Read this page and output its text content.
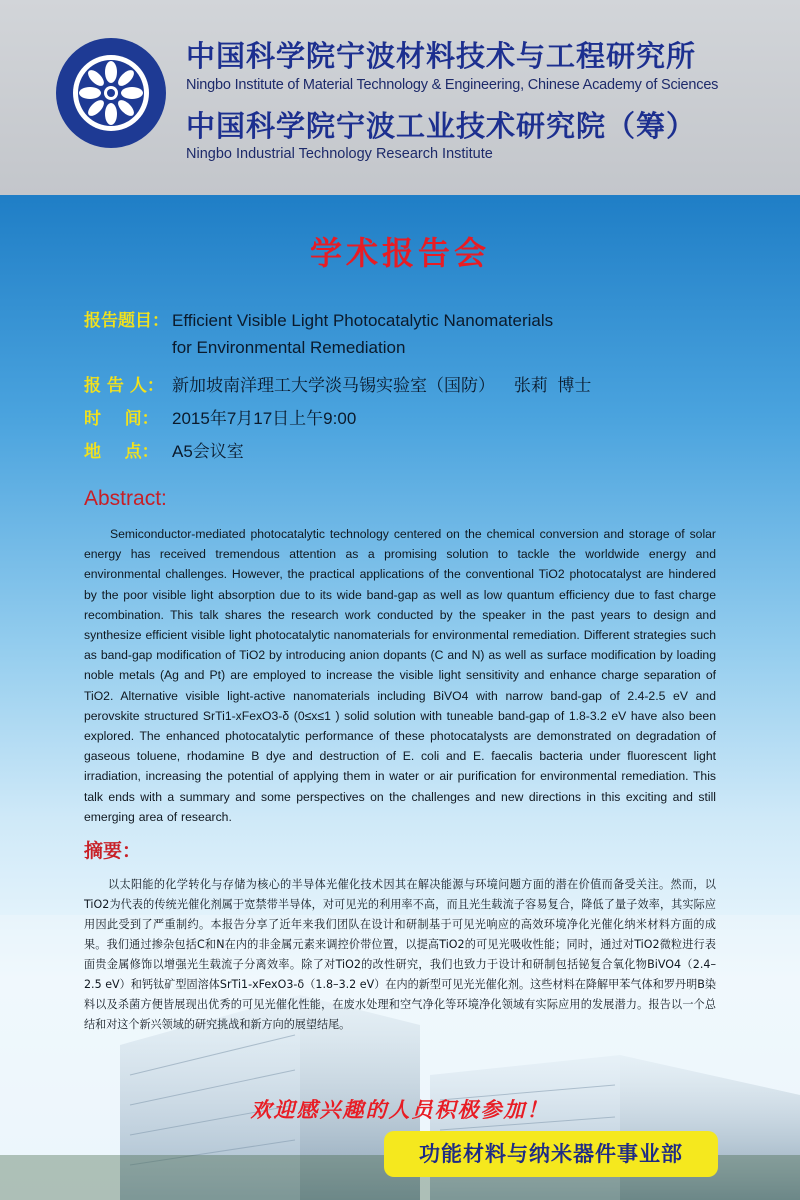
中国科学院宁波材料技术与工程研究所
Ningbo Institute of Material Technology & Engineering, Chinese Academy of Sciences
中国科学院宁波工业技术研究院（筹）
Ningbo Industrial Technology Research Institute
学术报告会
报告题目： Efficient Visible Light Photocatalytic Nanomaterials
for Environmental Remediation
报 告 人： 新加坡南洋理工大学淡马锡实验室（国防）    张莉  博士
时    间： 2015年7月17日上午9:00
地    点： A5会议室
Abstract:
Semiconductor-mediated photocatalytic technology centered on the chemical conversion and storage of solar energy has received tremendous attention as a promising solution to tackle the worldwide energy and environmental challenges. However, the practical applications of the conventional TiO2 photocatalyst are hindered by the poor visible light absorption due to its wide band-gap as well as low quantum efficiency due to fast charge recombination. This talk shares the research work conducted by the speaker in the past years to design and synthesize efficient visible light photocatalytic nanomaterials for environmental remediation. Different strategies such as band-gap modification of TiO2 by introducing anion dopants (C and N) as well as surface modification by loading noble metals (Ag and Pt) are employed to increase the visible light sensitivity and enhance charge separation of TiO2. Alternative visible light-active nanomaterials including BiVO4 with narrow band-gap of 2.4-2.5 eV and perovskite structured SrTi1-xFexO3-δ (0≤x≤1 ) solid solution with tuneable band-gap of 1.8-3.2 eV have also been explored. The enhanced photocatalytic performance of these photocatalysts are demonstrated on degradation of gaseous toluene, rhodamine B dye and destruction of E. coli and E. faecalis bacteria under fluorescent light irradiation, increasing the potential of applying them in water or air purification for environmental remediation. This talk ends with a summary and some perspectives on the challenges and new directions in this exciting and still emerging area of research.
摘要：
以太阳能的化学转化与存储为核心的半导体光催化技术因其在解决能源与环境问题方面的潜在价值而备受关注。然而，以TiO2为代表的传统光催化剂属于宽禁带半导体，对可见光的利用率不高，而且光生载流子容易复合，降低了量子效率，其实际应用因此受到了严重制约。本报告分享了近年来我们团队在设计和研制基于可见光响应的高效环境净化光催化纳米材料方面的成果。我们通过掺杂包括C和N在内的非金属元素来调控价带位置，以提高TiO2的可见光吸收性能；同时，通过对TiO2微粒进行表面贵金属修饰以增强光生载流子分离效率。除了对TiO2的改性研究，我们也致力于设计和研制包括铋复合氧化物BiVO4（2.4–2.5 eV）和钙钛矿型固溶体SrTi1-xFexO3-δ（1.8–3.2 eV）在内的新型可见光光催化剂。这些材料在降解甲苯气体和罗丹明B染料以及杀菌方便皆展现出优秀的可见光催化性能，在废水处理和空气净化等环境净化领域有实际应用的发展潜力。报告以一个总结和对这个新兴领域的研究挑战和新方向的展望结尾。
欢迎感兴趣的人员积极参加！
功能材料与纳米器件事业部
